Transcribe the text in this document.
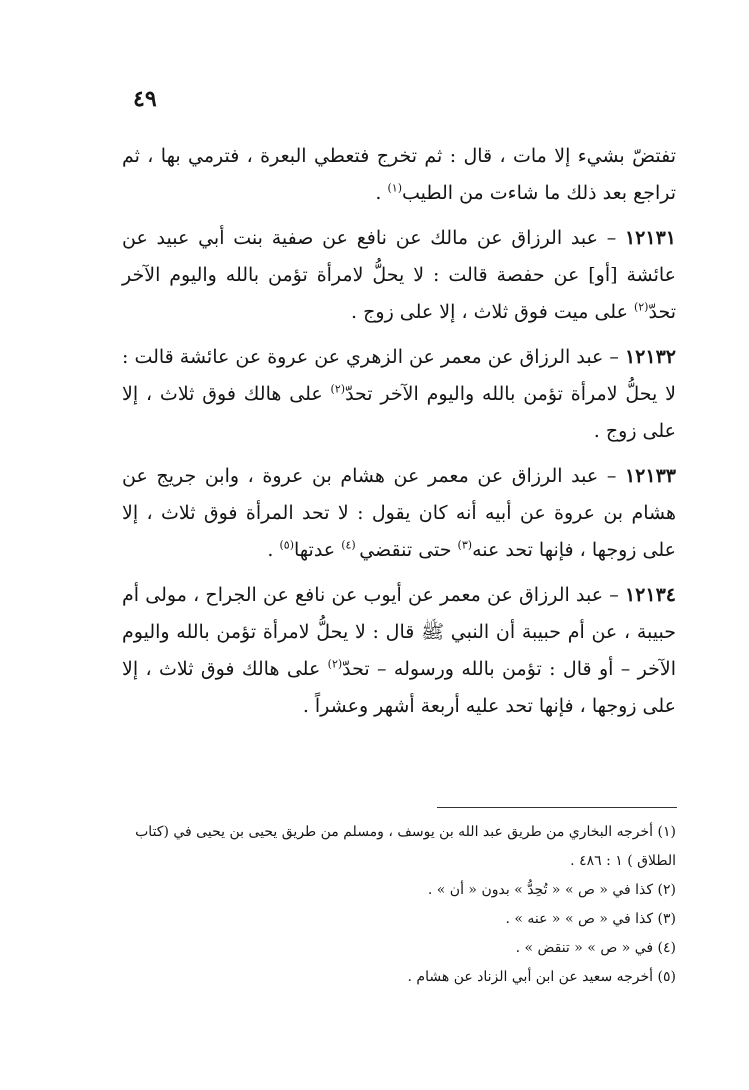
٤٩

تفتضّ بشيء إلا مات ، قال : ثم تخرج فتعطي البعرة ، فترمي بها ، ثم تراجع بعد ذلك ما شاءت من الطيب$^{(١)}$ .

١٢١٣١ – عبد الرزاق عن مالك عن نافع عن صفية بنت أبي عبيد عن عائشة [أو] عن حفصة قالت : لا يحلُّ لامرأة تؤمن بالله واليوم الآخر تحدّ$^{(٢)}$ على ميت فوق ثلاث ، إلا على زوج .

١٢١٣٢ – عبد الرزاق عن معمر عن الزهري عن عروة عن عائشة قالت : لا يحلُّ لامرأة تؤمن بالله واليوم الآخر تحدّ$^{(٢)}$ على هالك فوق ثلاث ، إلا على زوج .

١٢١٣٣ – عبد الرزاق عن معمر عن هشام بن عروة ، وابن جريج عن هشام بن عروة عن أبيه أنه كان يقول : لا تحد المرأة فوق ثلاث ، إلا على زوجها ، فإنها تحد عنه$^{(٣)}$ حتى تنقضي $^{(٤)}$ عدتها$^{(٥)}$ .

١٢١٣٤ – عبد الرزاق عن معمر عن أيوب عن نافع عن الجراح ، مولى أم حبيبة ، عن أم حبيبة أن النبي ﷺ قال : لا يحلُّ لامرأة تؤمن بالله واليوم الآخر – أو قال : تؤمن بالله ورسوله – تحدّ$^{(٢)}$ على هالك فوق ثلاث ، إلا على زوجها ، فإنها تحد عليه أربعة أشهر وعشراً .

(١) أخرجه البخاري من طريق عبد الله بن يوسف ، ومسلم من طريق يحيى بن يحيى في (كتاب الطلاق ) ١ : ٤٨٦ .

(٢) كذا في « ص » « تُحِدُّ » بدون « أن » .

(٣) كذا في « ص » « عنه » .

(٤) في « ص » « تنقض » .

(٥) أخرجه سعيد عن ابن أبي الزناد عن هشام .
